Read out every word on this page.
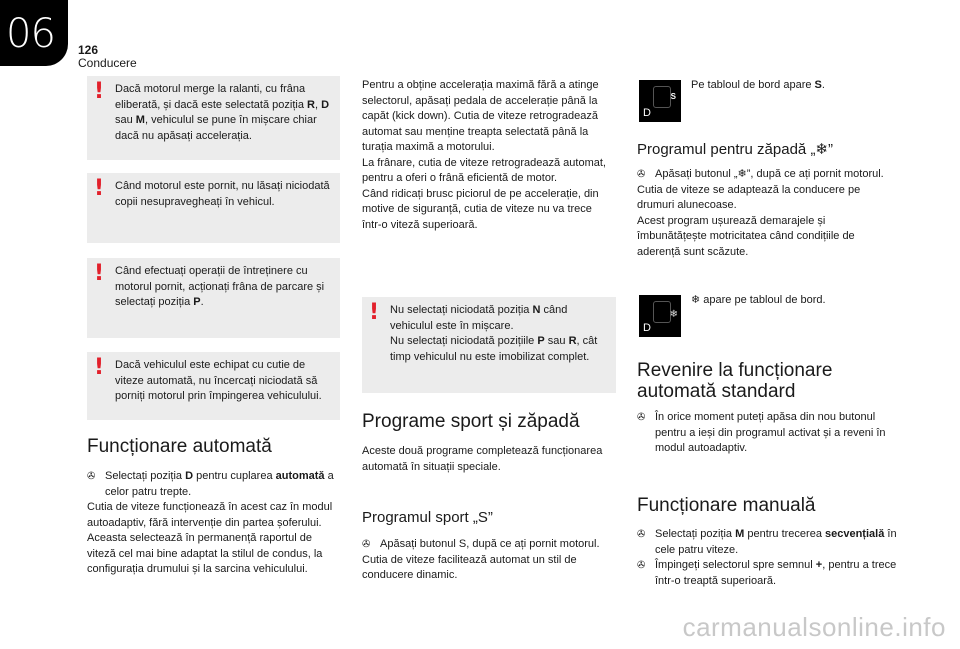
06 126
Conducere
! Dacă motorul merge la ralanti, cu frâna eliberată, și dacă este selectată poziția R, D sau M, vehiculul se pune în mișcare chiar dacă nu apăsați accelerația.

! Când motorul este pornit, nu lăsați niciodată copii nesupravegheați în vehicul.

! Când efectuați operații de întreținere cu motorul pornit, acționați frâna de parcare și selectați poziția P.

! Dacă vehiculul este echipat cu cutie de viteze automată, nu încercați niciodată să porniți motorul prin împingerea vehiculului.

Funcționare automată
✇ Selectați poziția D pentru cuplarea automată a celor patru trepte.

Cutia de viteze funcționează în acest caz în modul autoadaptiv, fără intervenție din partea șoferului. Aceasta selectează în permanență raportul de viteză cel mai bine adaptat la stilul de condus, la configurația drumului și la sarcina vehiculului.

Pentru a obține accelerația maximă fără a atinge selectorul, apăsați pedala de accelerație până la capăt (kick down). Cutia de viteze retrogradează automat sau menține treapta selectată până la turația maximă a motorului.

La frânare, cutia de viteze retrogradează automat, pentru a oferi o frână eficientă de motor.

Când ridicați brusc piciorul de pe accelerație, din motive de siguranță, cutia de viteze nu va trece într-o viteză superioară.

! Nu selectați niciodată poziția N când vehiculul este în mișcare.

Nu selectați niciodată pozițiile P sau R, cât timp vehiculul nu este imobilizat complet.

Programe sport și zăpadă
Aceste două programe completează funcționarea automată în situații speciale.
Programul sport „S”
✇ Apăsați butonul S, după ce ați pornit motorul.

Cutia de viteze facilitează automat un stil de conducere dinamic.

D
S
Pe tabloul de bord apare S.
Programul pentru zăpadă „❄”
✇ Apăsați butonul „❄”, după ce ați pornit motorul.

Cutia de viteze se adaptează la conducere pe drumuri alunecoase.

Acest program ușurează demarajele și îmbunătățește motricitatea când condițiile de aderență sunt scăzute.

D
❄
❄ apare pe tabloul de bord.
Revenire la funcționare
automată standard
✇ În orice moment puteți apăsa din nou butonul pentru a ieși din programul activat și a reveni în modul autoadaptiv.
Funcționare manuală
✇ Selectați poziția M pentru trecerea secvențială în cele patru viteze.
✇ Împingeți selectorul spre semnul +, pentru a trece într-o treaptă superioară.
carmanualsonline.info
